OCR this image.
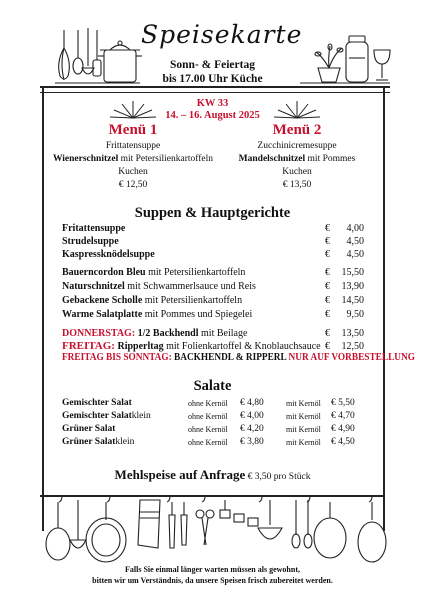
Speisekarte
Sonn- & Feiertag
bis 17.00 Uhr Küche
KW 33
14. – 16. August 2025
Menü 1
Frittatensuppe
Wienerschnitzel mit Petersilienkartoffeln
Kuchen
€ 12,50
Menü 2
Zucchinicremesuppe
Mandelschnitzel mit Pommes
Kuchen
€ 13,50
Suppen & Hauptgerichte
Fritattensuppe	€ 4,00
Strudelsuppe	€ 4,50
Kaspressknödelsuppe	€ 4,50
Bauerncordon Bleu mit Petersilienkartoffeln	€ 15,50
Naturschnitzel mit Schwammerlsauce und Reis	€ 13,90
Gebackene Scholle mit Petersilienkartoffeln	€ 14,50
Warme Salatplatte mit Pommes und Spiegelei	€ 9,50
DONNERSTAG: 1/2 Backhendl mit Beilage	€ 13,50
FREITAG: Ripperltag mit Folienkartoffel & Knoblauchsauce € 12,50
FREITAG BIS SONNTAG: BACKHENDL & RIPPERL NUR AUF VORBESTELLUNG
Salate
Gemischter Salat	ohne Kernöl € 4,80	mit Kernöl € 5,50
Gemischter Salat klein	ohne Kernöl € 4,00	mit Kernöl € 4,70
Grüner Salat	ohne Kernöl € 4,20	mit Kernöl € 4,90
Grüner Salat klein	ohne Kernöl € 3,80	mit Kernöl € 4,50
Mehlspeise auf Anfrage € 3,50 pro Stück
Falls Sie einmal länger warten müssen als gewohnt,
bitten wir um Verständnis, da unsere Speisen frisch zubereitet werden.
